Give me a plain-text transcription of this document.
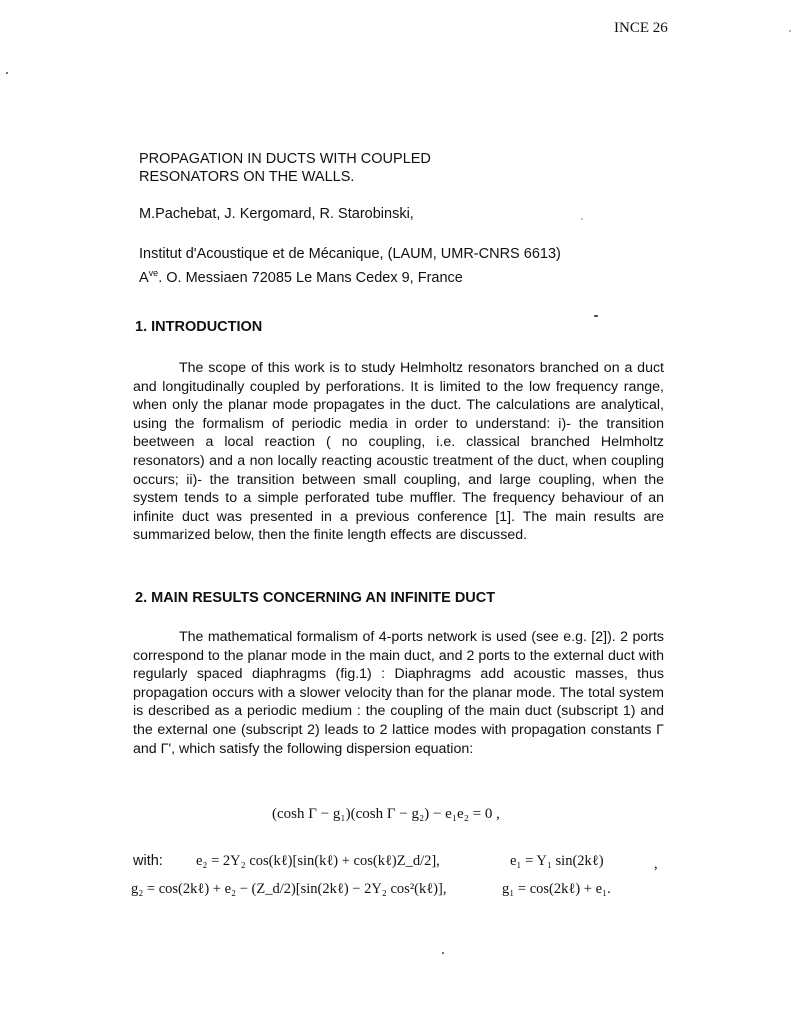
INCE 26
PROPAGATION IN DUCTS WITH COUPLED
RESONATORS ON THE WALLS.
M.Pachebat, J. Kergomard, R. Starobinski,
Institut d'Acoustique et de Mécanique, (LAUM, UMR-CNRS 6613)
$A^{ve}$. O. Messiaen 72085 Le Mans Cedex 9, France
1. INTRODUCTION

The scope of this work is to study Helmholtz resonators branched on a duct and longitudinally coupled by perforations. It is limited to the low frequency range, when only the planar mode propagates in the duct. The calculations are analytical, using the formalism of periodic media in order to understand: i)- the transition beetween a local reaction ( no coupling, i.e. classical branched Helmholtz resonators) and a non locally reacting acoustic treatment of the duct, when coupling occurs; ii)- the transition between small coupling, and large coupling, when the system tends to a simple perforated tube muffler. The frequency behaviour of an infinite duct was presented in a previous conference [1]. The main results are summarized below, then the finite length effects are discussed.

2. MAIN RESULTS CONCERNING AN INFINITE DUCT

The mathematical formalism of 4-ports network is used (see e.g. [2]). 2 ports correspond to the planar mode in the main duct, and 2 ports to the external duct with regularly spaced diaphragms (fig.1) : Diaphragms add acoustic masses, thus propagation occurs with a slower velocity than for the planar mode. The total system is described as a periodic medium : the coupling of the main duct (subscript 1) and the external one (subscript 2) leads to 2 lattice modes with propagation constants Γ and Γ', which satisfy the following dispersion equation:

(cosh Γ − g₁)(cosh Γ − g₂) − e₁e₂ = 0 ,
with: e₂ = 2Y₂ cos(kℓ)[sin(kℓ) + cos(kℓ)Z_d/2],	e₁ = Y₁ sin(2kℓ)	,
g₂ = cos(2kℓ) + e₂ − (Z_d/2)[sin(2kℓ) − 2Y₂ cos²(kℓ)],	g₁ = cos(2kℓ) + e₁.
